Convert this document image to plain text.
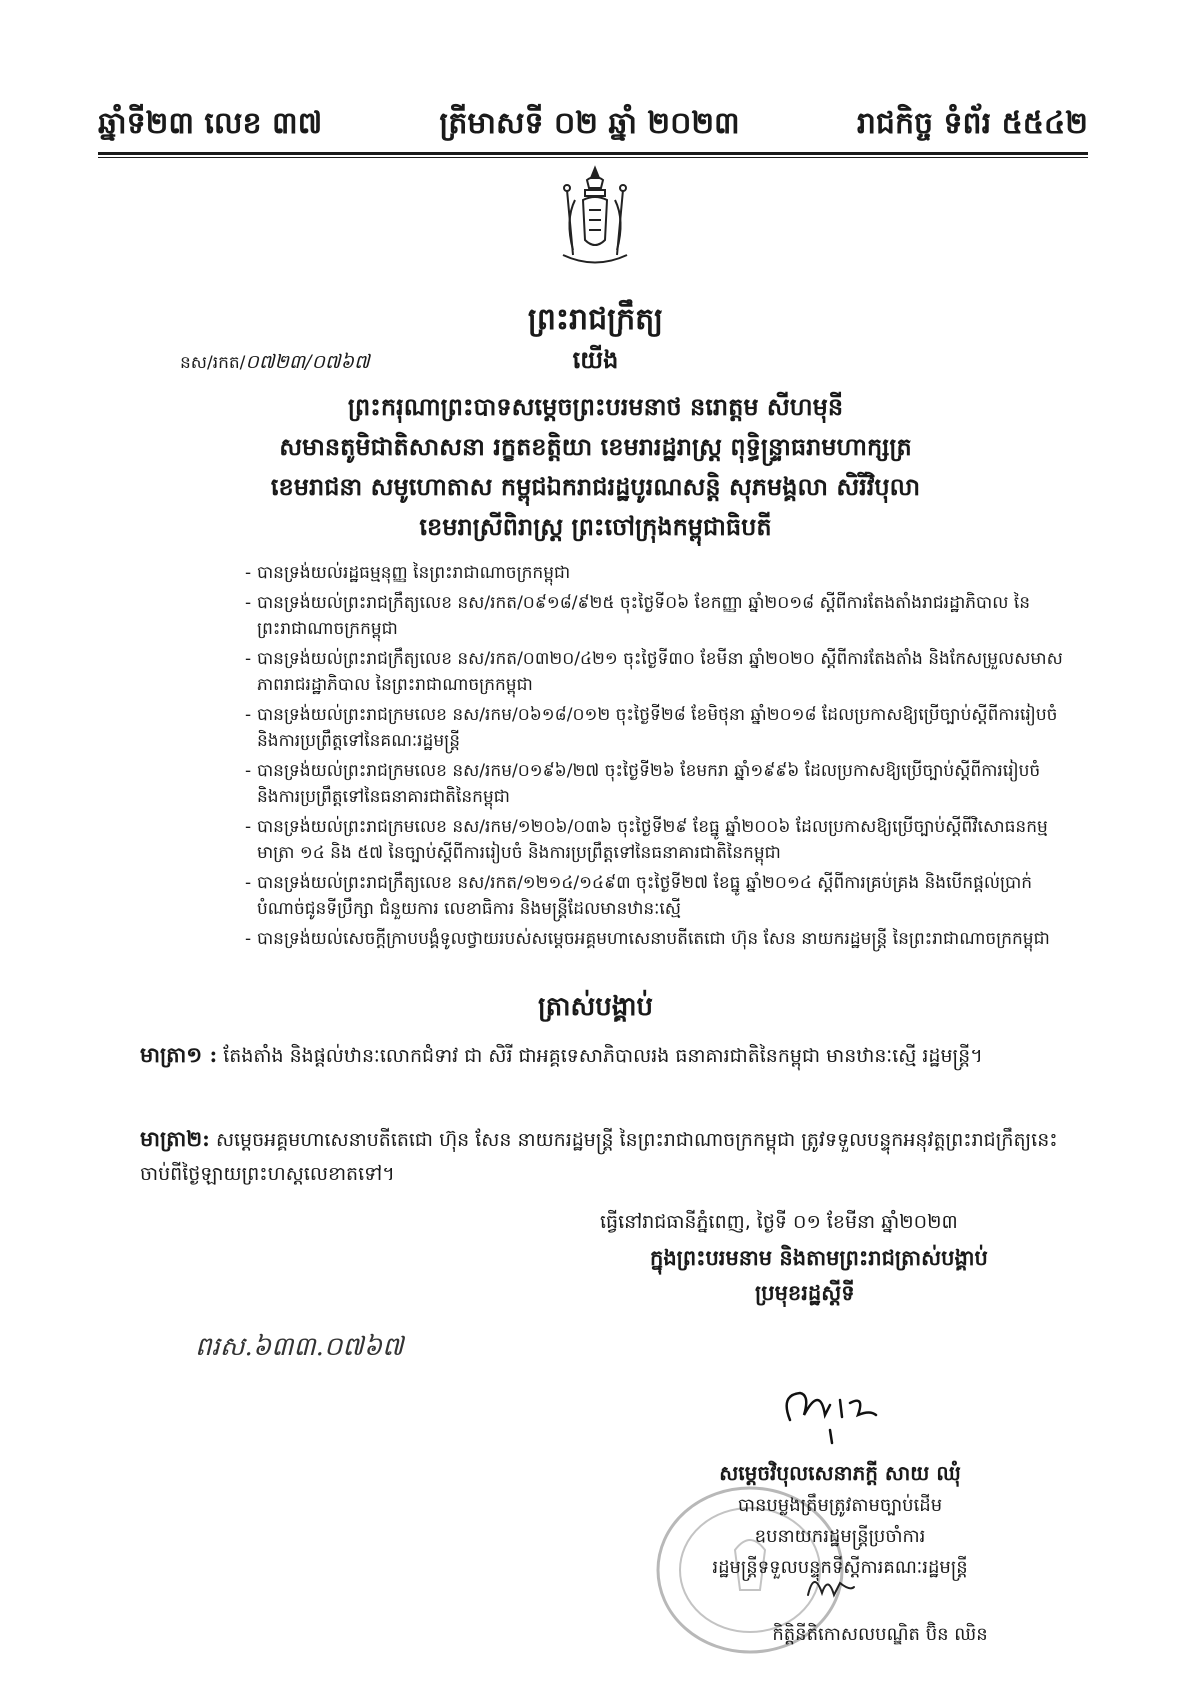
ឆ្នាំទី២៣ លេខ ៣៧	ត្រីមាសទី ០២ ឆ្នាំ ២០២៣	រាជកិច្ច ទំព័រ ៥៥៤២
ព្រះរាជក្រឹត្យ
នស/រកត/០៧២៣/០៧៦៧	យើង
ព្រះករុណាព្រះបាទសម្តេចព្រះបរមនាថ នរោត្តម សីហមុនី
សមានតូមិជាតិសាសនា រក្ខតខត្តិយា ខេមរារដ្ឋរាស្ត្រ ពុទ្ធិន្ទ្រាធរាមហាក្សត្រ
ខេមរាជនា សមូហោតាស កម្ពុជឯករាជរដ្ឋបូរណសន្តិ សុភមង្គលា សិរីវិបុលា
ខេមរាស្រីពិរាស្ត្រ ព្រះចៅក្រុងកម្ពុជាធិបតី
- បានទ្រង់យល់រដ្ឋធម្មនុញ្ញ នៃព្រះរាជាណាចក្រកម្ពុជា
- បានទ្រង់យល់ព្រះរាជក្រឹត្យលេខ នស/រកត/០៩១៨/៩២៥ ចុះថ្ងៃទី០៦ ខែកញ្ញា ឆ្នាំ២០១៨ ស្តីពីការតែងតាំងរាជរដ្ឋាភិបាល នៃព្រះរាជាណាចក្រកម្ពុជា
- បានទ្រង់យល់ព្រះរាជក្រឹត្យលេខ នស/រកត/០៣២០/៤២១ ចុះថ្ងៃទី៣០ ខែមីនា ឆ្នាំ២០២០ ស្តីពីការតែងតាំង និងកែសម្រួលសមាសភាពរាជរដ្ឋាភិបាល នៃព្រះរាជាណាចក្រកម្ពុជា
- បានទ្រង់យល់ព្រះរាជក្រមលេខ នស/រកម/០៦១៨/០១២ ចុះថ្ងៃទី២៨ ខែមិថុនា ឆ្នាំ២០១៨ ដែលប្រកាសឱ្យប្រើច្បាប់ស្តីពីការរៀបចំ និងការប្រព្រឹត្តទៅនៃគណៈរដ្ឋមន្ត្រី
- បានទ្រង់យល់ព្រះរាជក្រមលេខ នស/រកម/០១៩៦/២៧ ចុះថ្ងៃទី២៦ ខែមករា ឆ្នាំ១៩៩៦ ដែលប្រកាសឱ្យប្រើច្បាប់ស្តីពីការរៀបចំ និងការប្រព្រឹត្តទៅនៃធនាគារជាតិនៃកម្ពុជា
- បានទ្រង់យល់ព្រះរាជក្រមលេខ នស/រកម/១២០៦/០៣៦ ចុះថ្ងៃទី២៩ ខែធ្នូ ឆ្នាំ២០០៦ ដែលប្រកាសឱ្យប្រើច្បាប់ស្តីពីវិសោធនកម្មមាត្រា ១៤ និង ៥៧ នៃច្បាប់ស្តីពីការរៀបចំ និងការប្រព្រឹត្តទៅនៃធនាគារជាតិនៃកម្ពុជា
- បានទ្រង់យល់ព្រះរាជក្រឹត្យលេខ នស/រកត/១២១៤/១៤៩៣ ចុះថ្ងៃទី២៧ ខែធ្នូ ឆ្នាំ២០១៤ ស្តីពីការគ្រប់គ្រង និងបើកផ្តល់ប្រាក់បំណាច់ជូនទីប្រឹក្សា ជំនួយការ លេខាធិការ និងមន្ត្រីដែលមានឋានៈស្មើ
- បានទ្រង់យល់សេចក្តីក្រាបបង្គំទូលថ្វាយរបស់សម្តេចអគ្គមហាសេនាបតីតេជោ ហ៊ុន សែន នាយករដ្ឋមន្ត្រី នៃព្រះរាជាណាចក្រកម្ពុជា
ត្រាស់បង្គាប់
មាត្រា១ : តែងតាំង និងផ្តល់ឋានៈលោកជំទាវ ជា សិរី ជាអគ្គទេសាភិបាលរង ធនាគារជាតិនៃកម្ពុជា មានឋានៈស្មើ រដ្ឋមន្ត្រី។
មាត្រា២: សម្តេចអគ្គមហាសេនាបតីតេជោ ហ៊ុន សែន នាយករដ្ឋមន្ត្រី នៃព្រះរាជាណាចក្រកម្ពុជា ត្រូវទទួលបន្ទុកអនុវត្តព្រះរាជក្រឹត្យនេះ ចាប់ពីថ្ងៃឡាយព្រះហស្តលេខាតទៅ។
ធ្វើនៅរាជធានីភ្នំពេញ, ថ្ងៃទី ០១ ខែមីនា ឆ្នាំ២០២៣
ក្នុងព្រះបរមនាម និងតាមព្រះរាជត្រាស់បង្គាប់
ប្រមុខរដ្ឋស្តីទី
ពរស.៦៣៣.០៧៦៧
សម្តេចវិបុលសេនាភក្តី សាយ ឈុំ
បានបម្លងត្រឹមត្រូវតាមច្បាប់ដើម
ឧបនាយករដ្ឋមន្ត្រីប្រចាំការ
រដ្ឋមន្ត្រីទទួលបន្ទុកទីស្តីការគណៈរដ្ឋមន្ត្រី
កិត្តិនីតិកោសលបណ្ឌិត ប៊ិន ឈិន
